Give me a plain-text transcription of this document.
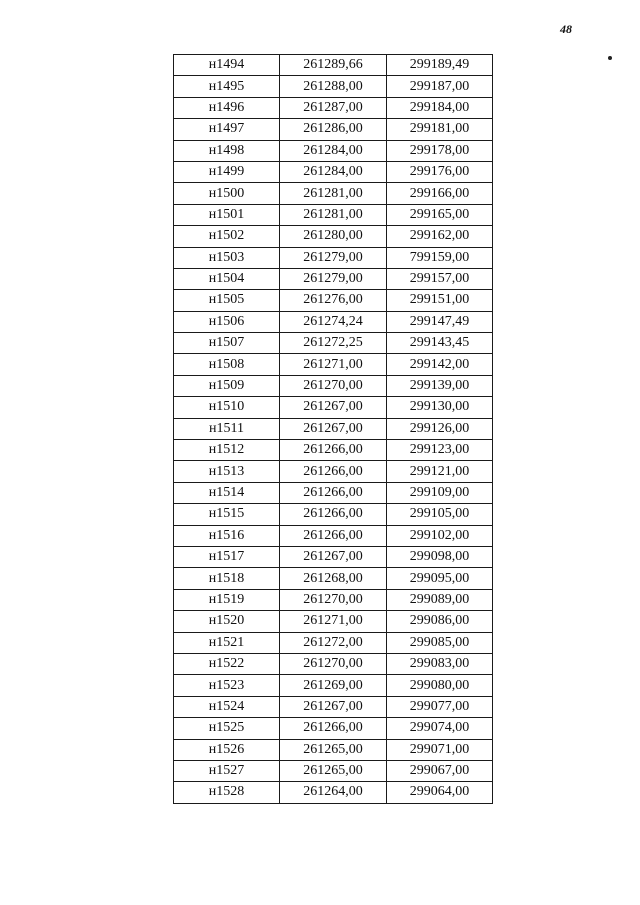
48
н1494	261289,66	299189,49
н1495	261288,00	299187,00
н1496	261287,00	299184,00
н1497	261286,00	299181,00
н1498	261284,00	299178,00
н1499	261284,00	299176,00
н1500	261281,00	299166,00
н1501	261281,00	299165,00
н1502	261280,00	299162,00
н1503	261279,00	799159,00
н1504	261279,00	299157,00
н1505	261276,00	299151,00
н1506	261274,24	299147,49
н1507	261272,25	299143,45
н1508	261271,00	299142,00
н1509	261270,00	299139,00
н1510	261267,00	299130,00
н1511	261267,00	299126,00
н1512	261266,00	299123,00
н1513	261266,00	299121,00
н1514	261266,00	299109,00
н1515	261266,00	299105,00
н1516	261266,00	299102,00
н1517	261267,00	299098,00
н1518	261268,00	299095,00
н1519	261270,00	299089,00
н1520	261271,00	299086,00
н1521	261272,00	299085,00
н1522	261270,00	299083,00
н1523	261269,00	299080,00
н1524	261267,00	299077,00
н1525	261266,00	299074,00
н1526	261265,00	299071,00
н1527	261265,00	299067,00
н1528	261264,00	299064,00
